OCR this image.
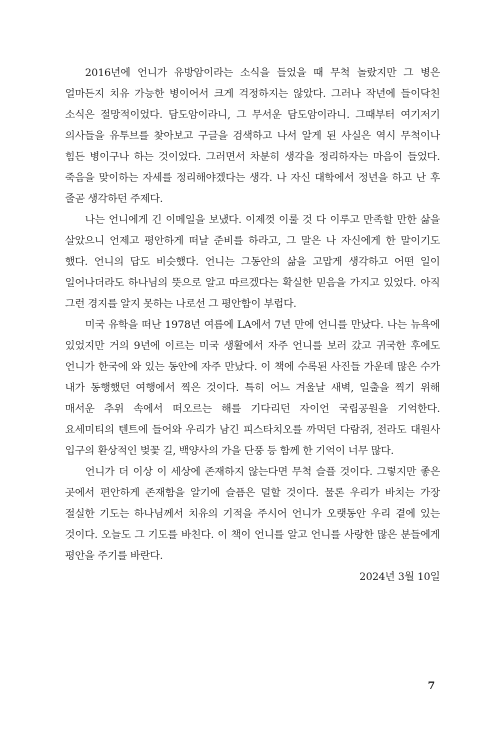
2016년에 언니가 유방암이라는 소식을 들었을 때 무척 놀랐지만 그 병은 얼마든지 치유 가능한 병이어서 크게 걱정하지는 않았다. 그러나 작년에 들이닥친 소식은 절망적이었다. 담도암이라니, 그 무서운 담도암이라니. 그때부터 여기저기 의사들을 유투브를 찾아보고 구글을 검색하고 나서 알게 된 사실은 역시 무척이나 힘든 병이구나 하는 것이었다. 그러면서 차분히 생각을 정리하자는 마음이 들었다. 죽음을 맞이하는 자세를 정리해야겠다는 생각. 나 자신 대학에서 정년을 하고 난 후 줄곧 생각하던 주제다.

나는 언니에게 긴 이메일을 보냈다. 이제껏 이룰 것 다 이루고 만족할 만한 삶을 살았으니 언제고 평안하게 떠날 준비를 하라고, 그 말은 나 자신에게 한 말이기도 했다. 언니의 답도 비슷했다. 언니는 그동안의 삶을 고맙게 생각하고 어떤 일이 일어나더라도 하나님의 뜻으로 알고 따르겠다는 확실한 믿음을 가지고 있었다. 아직 그런 경지를 알지 못하는 나로선 그 평안함이 부럽다.

미국 유학을 떠난 1978년 여름에 LA에서 7년 만에 언니를 만났다. 나는 뉴욕에 있었지만 거의 9년에 이르는 미국 생활에서 자주 언니를 보러 갔고 귀국한 후에도 언니가 한국에 와 있는 동안에 자주 만났다. 이 책에 수록된 사진들 가운데 많은 수가 내가 동행했던 여행에서 찍은 것이다. 특히 어느 겨울날 새벽, 일출을 찍기 위해 매서운 추위 속에서 떠오르는 해를 기다리던 자이언 국립공원을 기억한다. 요세미티의 텐트에 들어와 우리가 남긴 피스타치오를 까먹던 다람쥐, 전라도 대원사 입구의 환상적인 벚꽃 길, 백양사의 가을 단풍 등 함께 한 기억이 너무 많다.

언니가 더 이상 이 세상에 존재하지 않는다면 무척 슬플 것이다. 그렇지만 좋은 곳에서 편안하게 존재함을 알기에 슬픔은 덜할 것이다. 물론 우리가 바치는 가장 절실한 기도는 하나님께서 치유의 기적을 주시어 언니가 오랫동안 우리 곁에 있는 것이다. 오늘도 그 기도를 바친다. 이 책이 언니를 알고 언니를 사랑한 많은 분들에게 평안을 주기를 바란다.

2024년 3월 10일

7
